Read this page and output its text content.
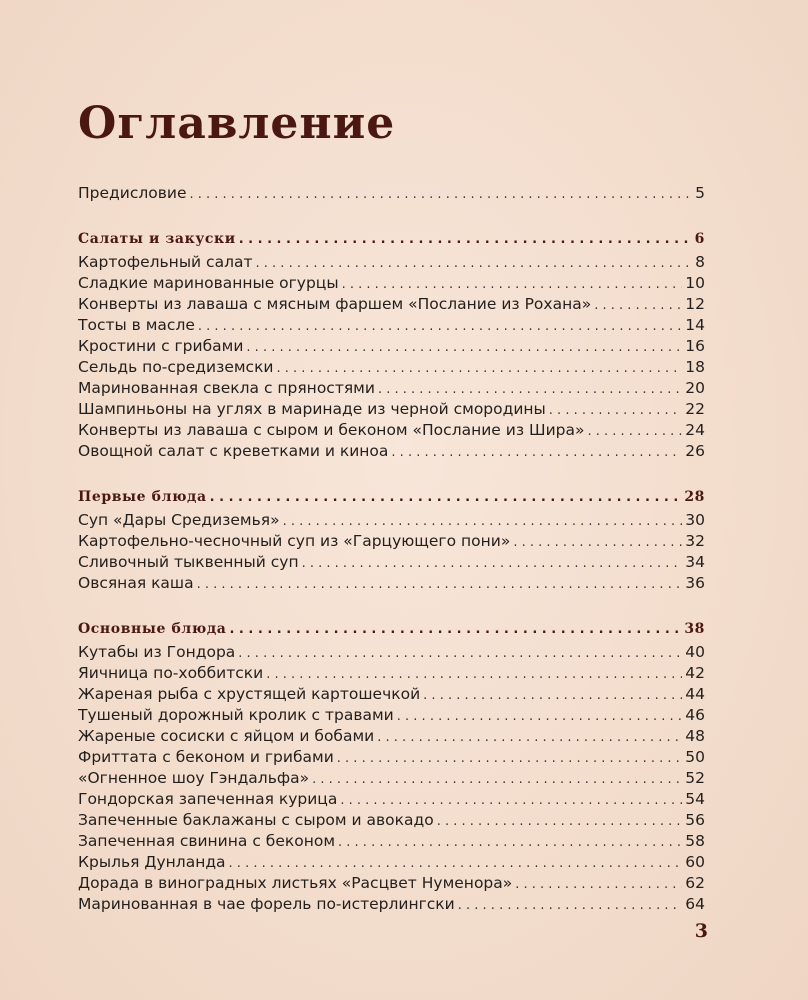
Оглавление
Предисловие . . .	5
Салаты и закуски . . .	6
Картофельный салат . . .	8
Сладкие маринованные огурцы . . .	10
Конверты из лаваша с мясным фаршем «Послание из Рохана» . . .	12
Тосты в масле . . .	14
Кростини с грибами . . .	16
Сельдь по-средиземски . . .	18
Маринованная свекла с пряностями . . .	20
Шампиньоны на углях в маринаде из черной смородины . . .	22
Конверты из лаваша с сыром и беконом «Послание из Шира» . . .	24
Овощной салат с креветками и киноа . . .	26
Первые блюда . . .	28
Суп «Дары Средиземья» . . .	30
Картофельно-чесночный суп из «Гарцующего пони» . . .	32
Сливочный тыквенный суп . . .	34
Овсяная каша . . .	36
Основные блюда . . .	38
Кутабы из Гондора . . .	40
Яичница по-хоббитски . . .	42
Жареная рыба с хрустящей картошечкой . . .	44
Тушеный дорожный кролик с травами . . .	46
Жареные сосиски с яйцом и бобами . . .	48
Фриттата с беконом и грибами . . .	50
«Огненное шоу Гэндальфа» . . .	52
Гондорская запеченная курица . . .	54
Запеченные баклажаны с сыром и авокадо . . .	56
Запеченная свинина с беконом . . .	58
Крылья Дунланда . . .	60
Дорада в виноградных листьях «Расцвет Нуменора» . . .	62
Маринованная в чае форель по-истерлингски . . .	64
3
